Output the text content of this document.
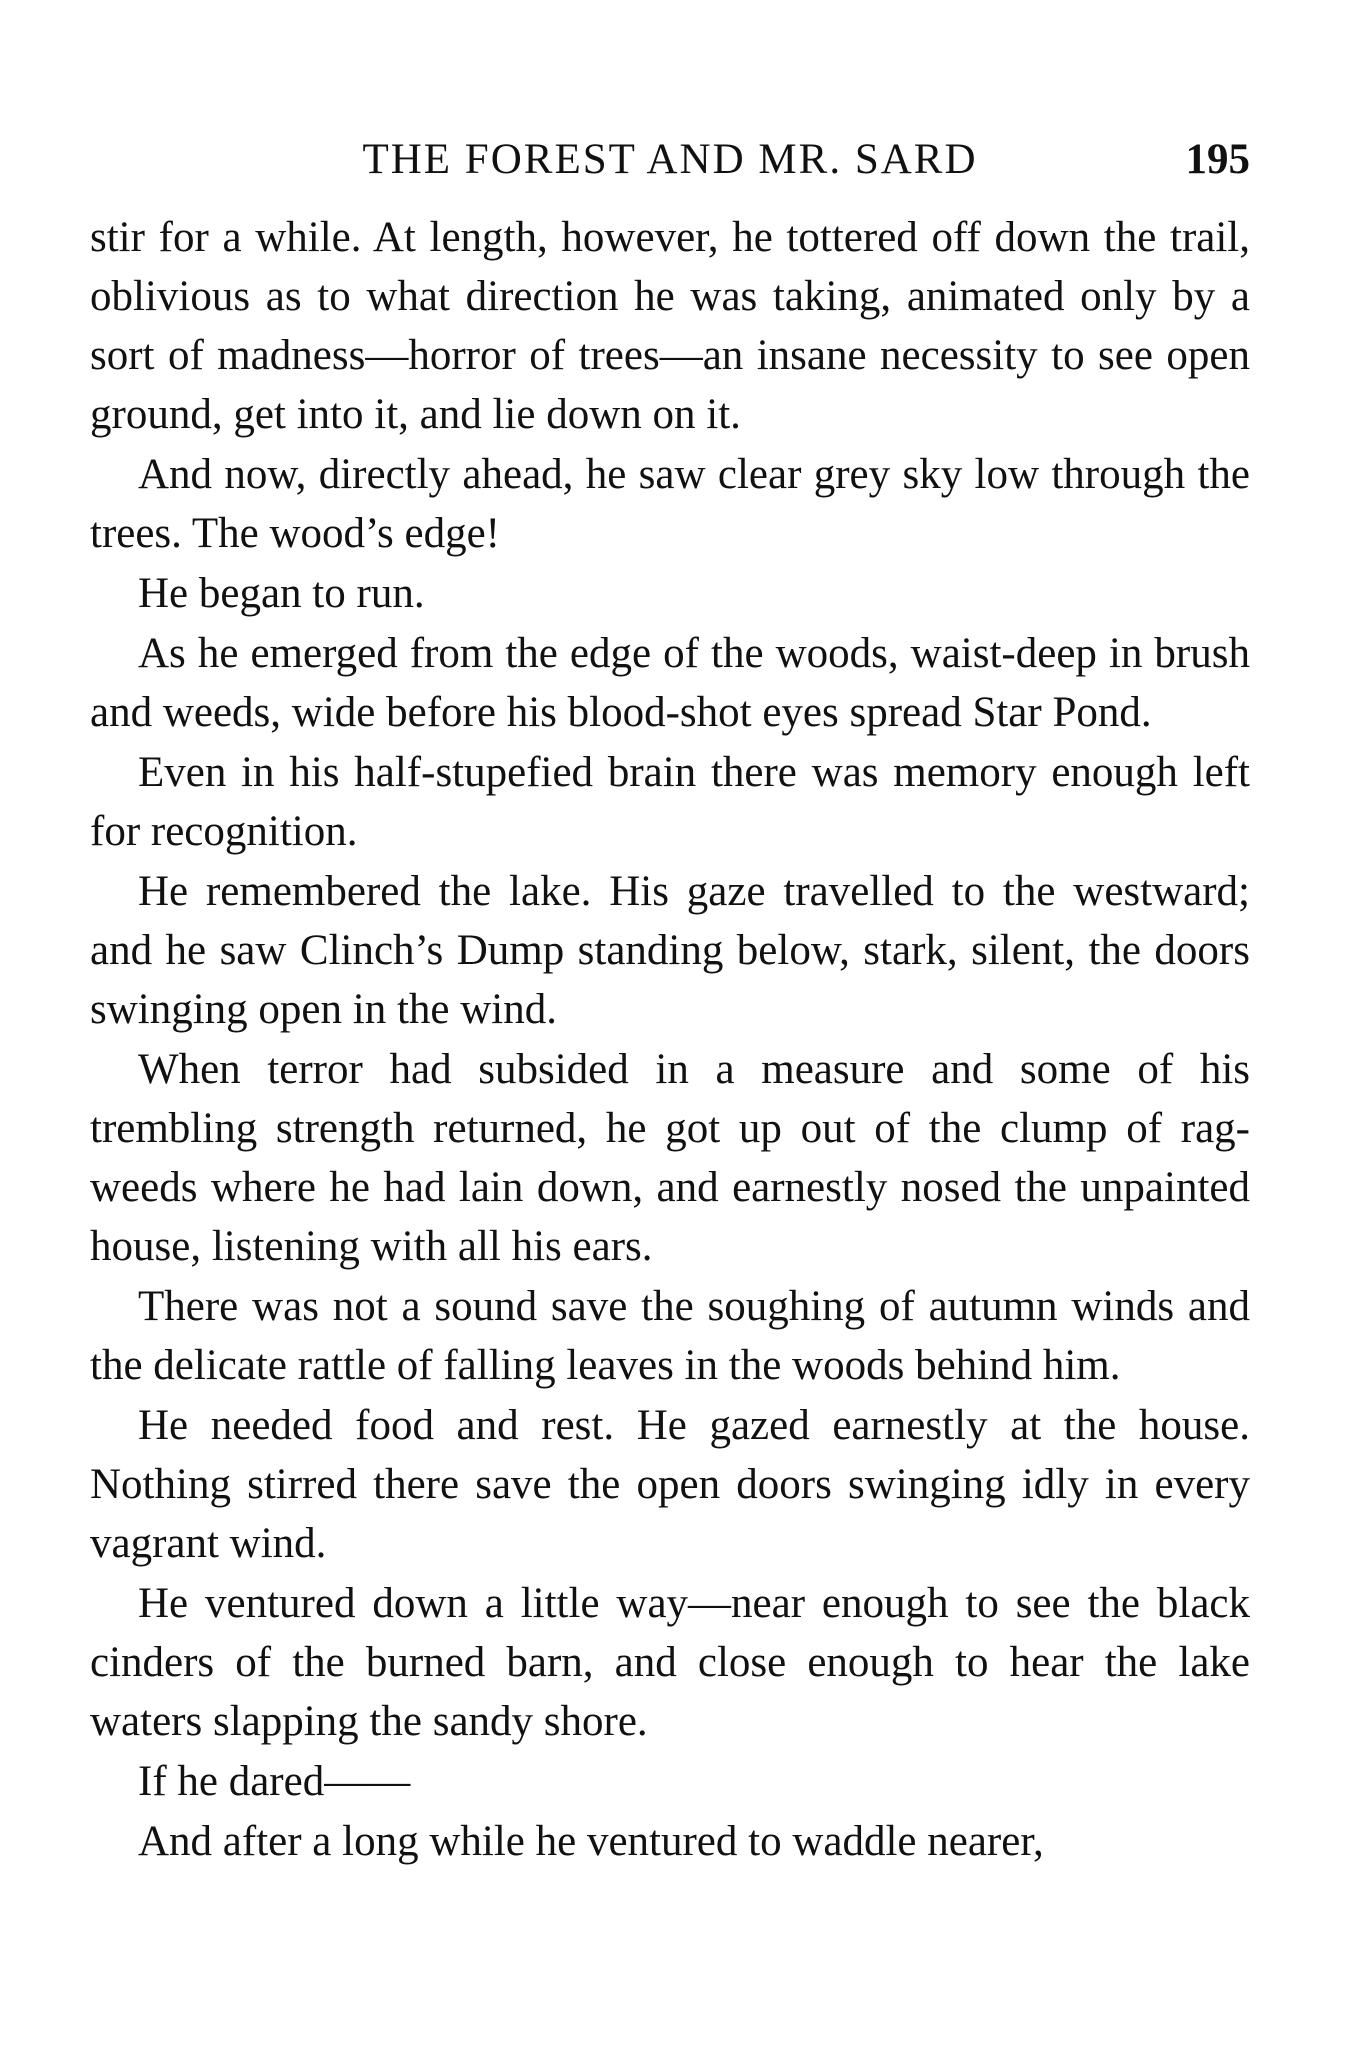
THE FOREST AND MR. SARD	195

stir for a while. At length, however, he tottered off down the trail, oblivious as to what direction he was taking, animated only by a sort of madness—horror of trees—an insane necessity to see open ground, get into it, and lie down on it.

And now, directly ahead, he saw clear grey sky low through the trees. The wood’s edge!

He began to run.

As he emerged from the edge of the woods, waist-deep in brush and weeds, wide before his blood-shot eyes spread Star Pond.

Even in his half-stupefied brain there was memory enough left for recognition.

He remembered the lake. His gaze travelled to the westward; and he saw Clinch’s Dump standing below, stark, silent, the doors swinging open in the wind.

When terror had subsided in a measure and some of his trembling strength returned, he got up out of the clump of rag-weeds where he had lain down, and earnestly nosed the unpainted house, listening with all his ears.

There was not a sound save the soughing of autumn winds and the delicate rattle of falling leaves in the woods behind him.

He needed food and rest. He gazed earnestly at the house. Nothing stirred there save the open doors swinging idly in every vagrant wind.

He ventured down a little way—near enough to see the black cinders of the burned barn, and close enough to hear the lake waters slapping the sandy shore.

If he dared——

And after a long while he ventured to waddle nearer,
